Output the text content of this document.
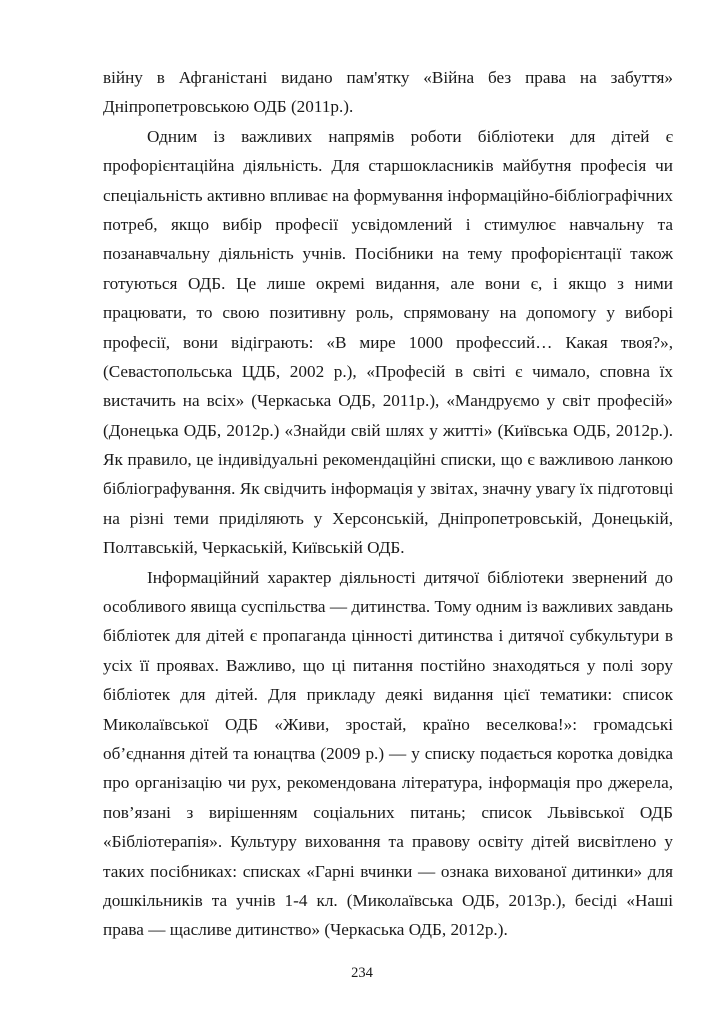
війну в Афганістані видано пам'ятку «Війна без права на забуття»
Дніпропетровською ОДБ (2011р.).
Одним із важливих напрямів роботи бібліотеки для дітей є
профорієнтаційна діяльність. Для старшокласників майбутня професія чи
спеціальність активно впливає на формування інформаційно-бібліографічних
потреб, якщо вибір професії усвідомлений і стимулює навчальну та
позанавчальну діяльність учнів. Посібники на тему профорієнтації також
готуються ОДБ. Це лише окремі видання, але вони є, і якщо з ними
працювати, то свою позитивну роль, спрямовану на допомогу у виборі
професії, вони відіграють: «В мире 1000 профессий… Какая твоя?»,
(Севастопольська ЦДБ, 2002 р.), «Професій в світі є чимало, сповна їх
вистачить на всіх» (Черкаська ОДБ, 2011р.), «Мандруємо у світ професій»
(Донецька ОДБ, 2012р.) «Знайди свій шлях у житті» (Київська ОДБ, 2012р.).
Як правило, це індивідуальні рекомендаційні списки, що є важливою ланкою
бібліографування. Як свідчить інформація у звітах, значну увагу їх підготовці
на різні теми приділяють у Херсонській, Дніпропетровській, Донецькій,
Полтавській, Черкаській, Київській ОДБ.
Інформаційний характер діяльності дитячої бібліотеки звернений до
особливого явища суспільства — дитинства. Тому одним із важливих завдань
бібліотек для дітей є пропаганда цінності дитинства і дитячої субкультури в
усіх її проявах. Важливо, що ці питання постійно знаходяться у полі зору
бібліотек для дітей. Для прикладу деякі видання цієї тематики: список
Миколаївської ОДБ «Живи, зростай, країно веселкова!»: громадські
об’єднання дітей та юнацтва (2009 р.) — у списку подається коротка довідка
про організацію чи рух, рекомендована література, інформація про джерела,
пов’язані з вирішенням соціальних питань; список Львівської ОДБ
«Бібліотерапія». Культуру виховання та правову освіту дітей висвітлено у
таких посібниках: списках «Гарні вчинки — ознака вихованої дитинки» для
дошкільників та учнів 1-4 кл. (Миколаївська ОДБ, 2013р.), бесіді «Наші
права — щасливе дитинство» (Черкаська ОДБ, 2012р.).
234
